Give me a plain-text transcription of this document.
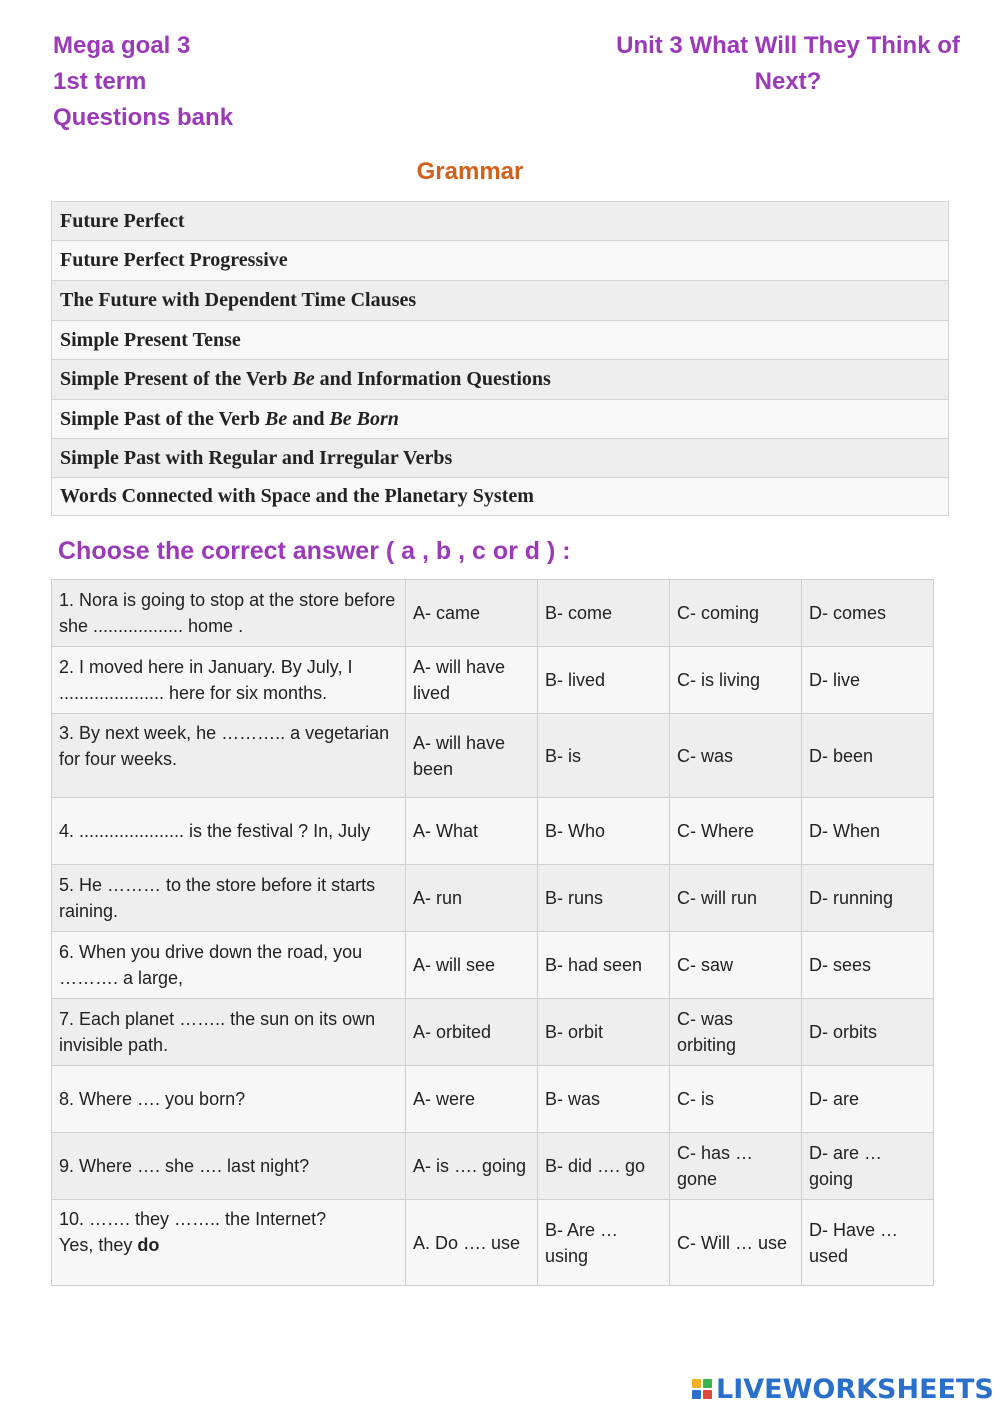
Mega goal 3
1st term
Questions bank
Unit 3 What Will They Think of Next?
Grammar
Future Perfect
Future Perfect Progressive
The Future with Dependent Time Clauses
Simple Present Tense
Simple Present of the Verb Be and Information Questions
Simple Past of the Verb Be and Be Born
Simple Past with Regular and Irregular Verbs
Words Connected with Space and the Planetary System
Choose the correct answer ( a , b , c or d ) :
1. Nora is going to stop at the store before she .................. home .	A- came	B- come	C- coming	D- comes
2. I moved here in January. By July, I ..................... here for six months.	A- will have lived	B- lived	C- is living	D- live
3. By next week, he ……….. a vegetarian for four weeks.	A- will have been	B- is	C- was	D- been
4. ..................... is the festival ? In, July	A- What	B- Who	C- Where	D- When
5. He ……… to the store before it starts raining.	A- run	B- runs	C- will run	D- running
6. When you drive down the road, you ………. a large,	A- will see	B- had seen	C- saw	D- sees
7. Each planet …….. the sun on its own invisible path.	A- orbited	B- orbit	C- was orbiting	D- orbits
8. Where …. you born?	A- were	B- was	C- is	D- are
9. Where …. she …. last night?	A- is …. going	B- did …. go	C- has … gone	D- are … going
10. ……. they …….. the Internet?
Yes, they do	A. Do …. use	B- Are … using	C- Will … use	D- Have … used
LIVEWORKSHEETS
